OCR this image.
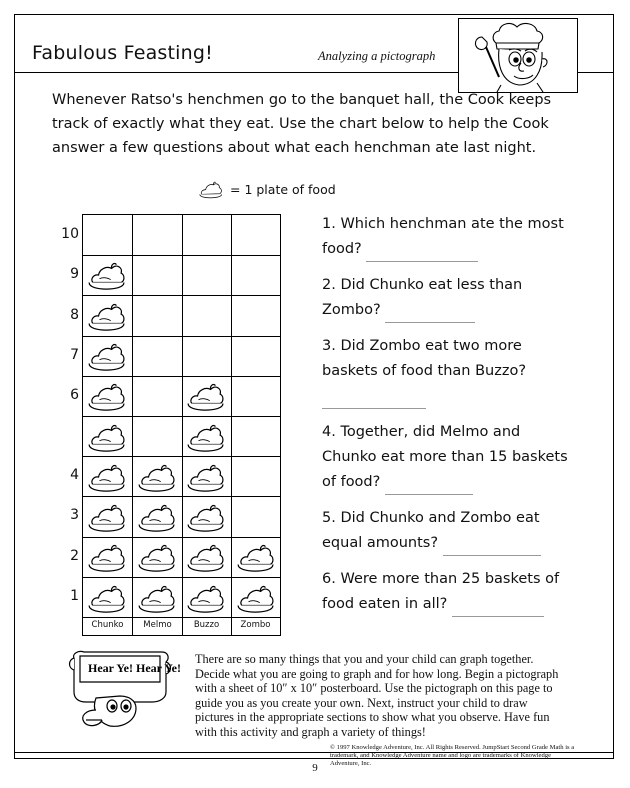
Fabulous Feasting!	Analyzing a pictograph
Whenever Ratso's henchmen go to the banquet hall, the Cook keeps track of exactly what they eat. Use the chart below to help the Cook answer a few questions about what each henchman ate last night.
= 1 plate of food
10
9
8
7
6
4
3
2
1
Chunko	Melmo	Buzzo	Zombo
1. Which henchman ate the most food?
2. Did Chunko eat less than Zombo?
3. Did Zombo eat two more baskets of food than Buzzo?

4. Together, did Melmo and Chunko eat more than 15 baskets of food?
5. Did Chunko and Zombo eat equal amounts?
6. Were more than 25 baskets of food eaten in all?
Hear Ye! Hear Ye!
There are so many things that you and your child can graph together. Decide what you are going to graph and for how long. Begin a pictograph with a sheet of 10″ x 10″ posterboard. Use the pictograph on this page to guide you as you create your own. Next, instruct your child to draw pictures in the appropriate sections to show what you observe. Have fun with this activity and graph a variety of things!
© 1997 Knowledge Adventure, Inc. All Rights Reserved. JumpStart Second Grade Math is a trademark, and Knowledge Adventure name and logo are trademarks of Knowledge Adventure, Inc.
9
